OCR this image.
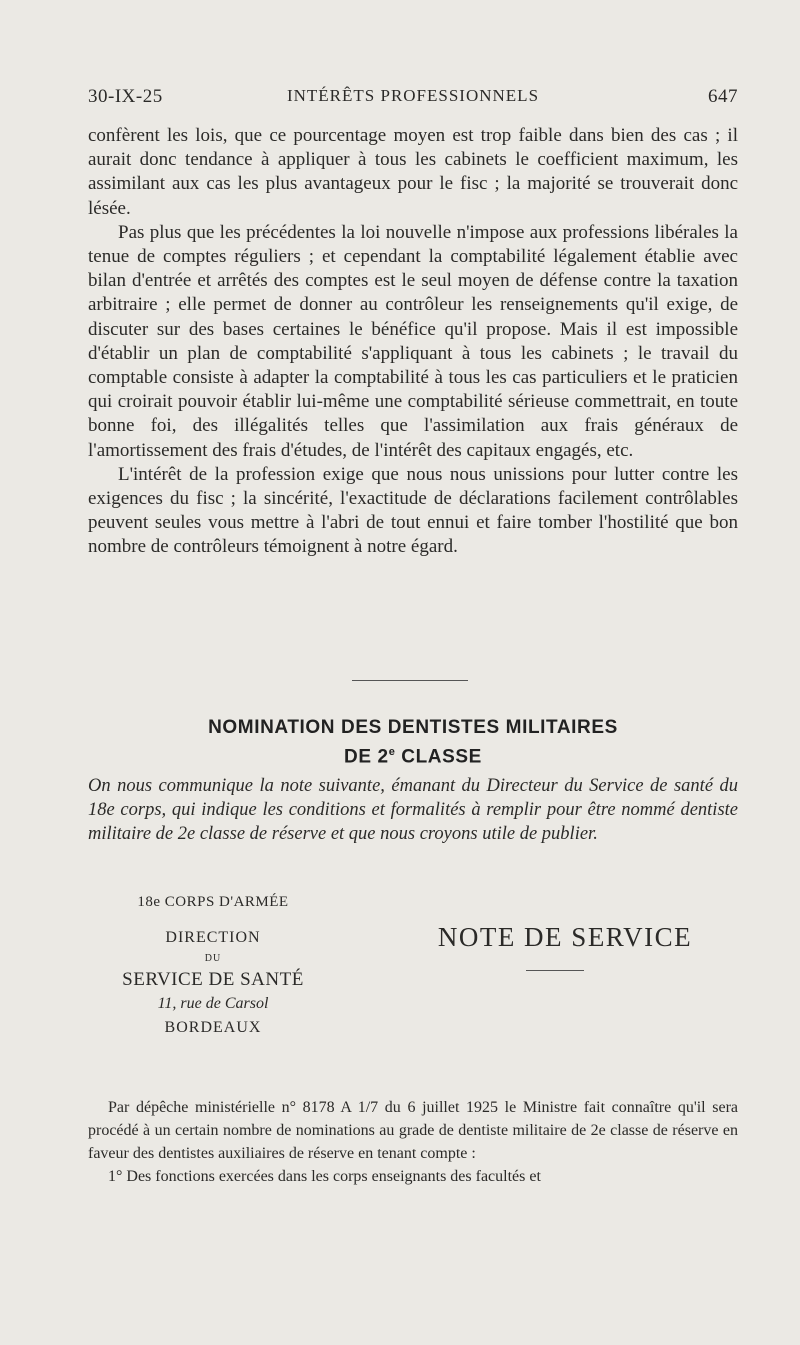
30-IX-25	INTÉRÊTS PROFESSIONNELS	647

confèrent les lois, que ce pourcentage moyen est trop faible dans bien des cas ; il aurait donc tendance à appliquer à tous les cabinets le coefficient maximum, les assimilant aux cas les plus avantageux pour le fisc ; la majorité se trouverait donc lésée.

Pas plus que les précédentes la loi nouvelle n'impose aux professions libérales la tenue de comptes réguliers ; et cependant la comptabilité légalement établie avec bilan d'entrée et arrêtés des comptes est le seul moyen de défense contre la taxation arbitraire ; elle permet de donner au contrôleur les renseignements qu'il exige, de discuter sur des bases certaines le bénéfice qu'il propose. Mais il est impossible d'établir un plan de comptabilité s'appliquant à tous les cabinets ; le travail du comptable consiste à adapter la comptabilité à tous les cas particuliers et le praticien qui croirait pouvoir établir lui-même une comptabilité sérieuse commettrait, en toute bonne foi, des illégalités telles que l'assimilation aux frais généraux de l'amortissement des frais d'études, de l'intérêt des capitaux engagés, etc.

L'intérêt de la profession exige que nous nous unissions pour lutter contre les exigences du fisc ; la sincérité, l'exactitude de déclarations facilement contrôlables peuvent seules vous mettre à l'abri de tout ennui et faire tomber l'hostilité que bon nombre de contrôleurs témoignent à notre égard.

NOMINATION DES DENTISTES MILITAIRES
DE 2e CLASSE
On nous communique la note suivante, émanant du Directeur du Service de santé du 18e corps, qui indique les conditions et formalités à remplir pour être nommé dentiste militaire de 2e classe de réserve et que nous croyons utile de publier.
18e CORPS D'ARMÉE
DIRECTION
DU
SERVICE DE SANTÉ
11, rue de Carsol
BORDEAUX
NOTE DE SERVICE

Par dépêche ministérielle n° 8178 A 1/7 du 6 juillet 1925 le Ministre fait connaître qu'il sera procédé à un certain nombre de nominations au grade de dentiste militaire de 2e classe de réserve en faveur des dentistes auxiliaires de réserve en tenant compte :

1° Des fonctions exercées dans les corps enseignants des facultés et
